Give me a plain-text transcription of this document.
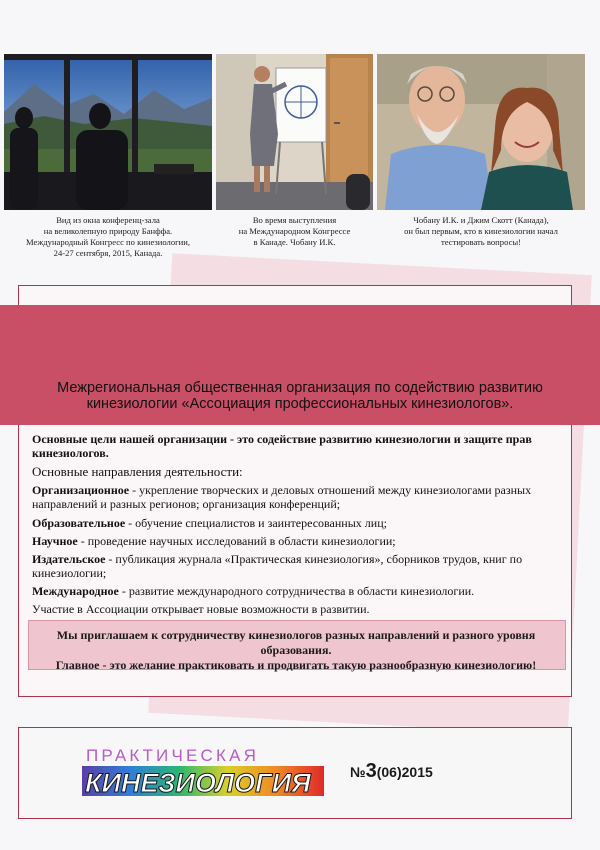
Вид из окна конференц-зала
на великолепную природу Банффа.
Международный Конгресс по кинезиологии,
24-27 сентября, 2015, Канада.
Во время выступления
на Международном Конгрессе
в Канаде. Чобану И.К.
Чобану И.К. и Джим Скотт (Канада),
он был первым, кто в кинезиологии начал
тестировать вопросы!
Межрегиональная общественная организация по содействию развитию
кинезиологии «Ассоциация профессиональных кинезиологов».
Основные цели нашей организации - это содействие развитию кинезиологии и защите прав кинезиологов.
Основные направления деятельности:
Организационное - укрепление творческих и деловых отношений между кинезиологами разных направлений и разных регионов; организация конференций;
Образовательное - обучение специалистов и заинтересованных лиц;
Научное - проведение научных исследований в области кинезиологии;
Издательское - публикация журнала «Практическая кинезиология», сборников трудов, книг по кинезиологии;
Международное - развитие международного сотрудничества в области кинезиологии.
Участие в Ассоциации открывает новые возможности в развитии.
Мы приглашаем к сотрудничеству кинезиологов разных направлений и разного уровня образования.
Главное - это желание практиковать и продвигать такую разнообразную кинезиологию!
ПРАКТИЧЕСКАЯ
КИНЕЗИОЛОГИЯ	№3(06)2015
